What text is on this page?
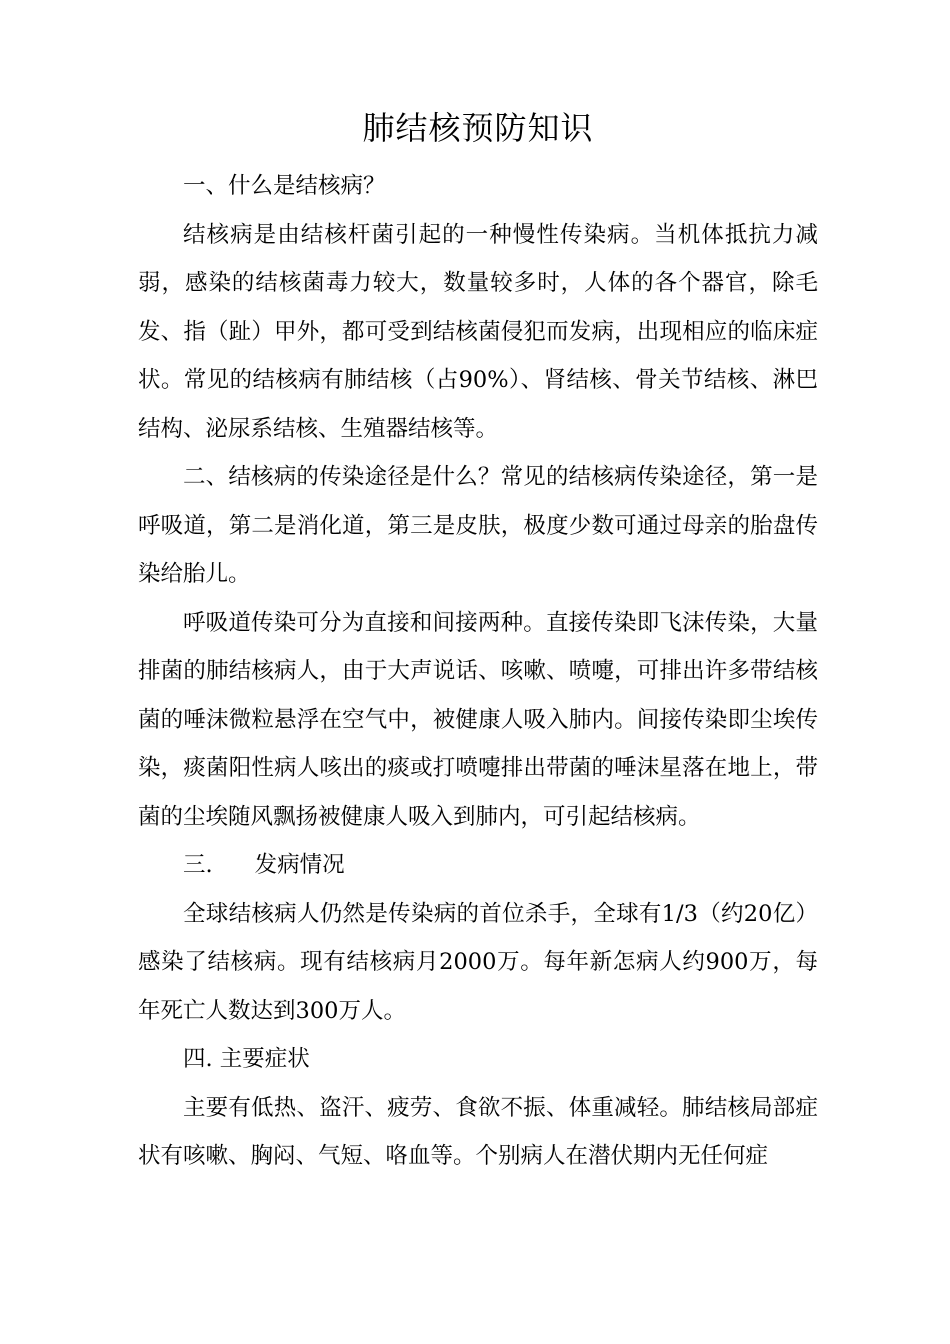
肺结核预防知识

一、什么是结核病？

结核病是由结核杆菌引起的一种慢性传染病。当机体抵抗力减弱，感染的结核菌毒力较大，数量较多时，人体的各个器官，除毛发、指（趾）甲外，都可受到结核菌侵犯而发病，出现相应的临床症状。常见的结核病有肺结核（占90%）、肾结核、骨关节结核、淋巴结构、泌尿系结核、生殖器结核等。

二、结核病的传染途径是什么？常见的结核病传染途径，第一是呼吸道，第二是消化道，第三是皮肤，极度少数可通过母亲的胎盘传染给胎儿。

呼吸道传染可分为直接和间接两种。直接传染即飞沫传染，大量排菌的肺结核病人，由于大声说话、咳嗽、喷嚏，可排出许多带结核菌的唾沫微粒悬浮在空气中，被健康人吸入肺内。间接传染即尘埃传染，痰菌阳性病人咳出的痰或打喷嚏排出带菌的唾沫星落在地上，带菌的尘埃随风飘扬被健康人吸入到肺内，可引起结核病。

三. 发病情况

全球结核病人仍然是传染病的首位杀手，全球有1/3（约20亿）感染了结核病。现有结核病月2000万。每年新怎病人约900万，每年死亡人数达到300万人。

四. 主要症状

主要有低热、盗汗、疲劳、食欲不振、体重减轻。肺结核局部症状有咳嗽、胸闷、气短、咯血等。个别病人在潜伏期内无任何症
